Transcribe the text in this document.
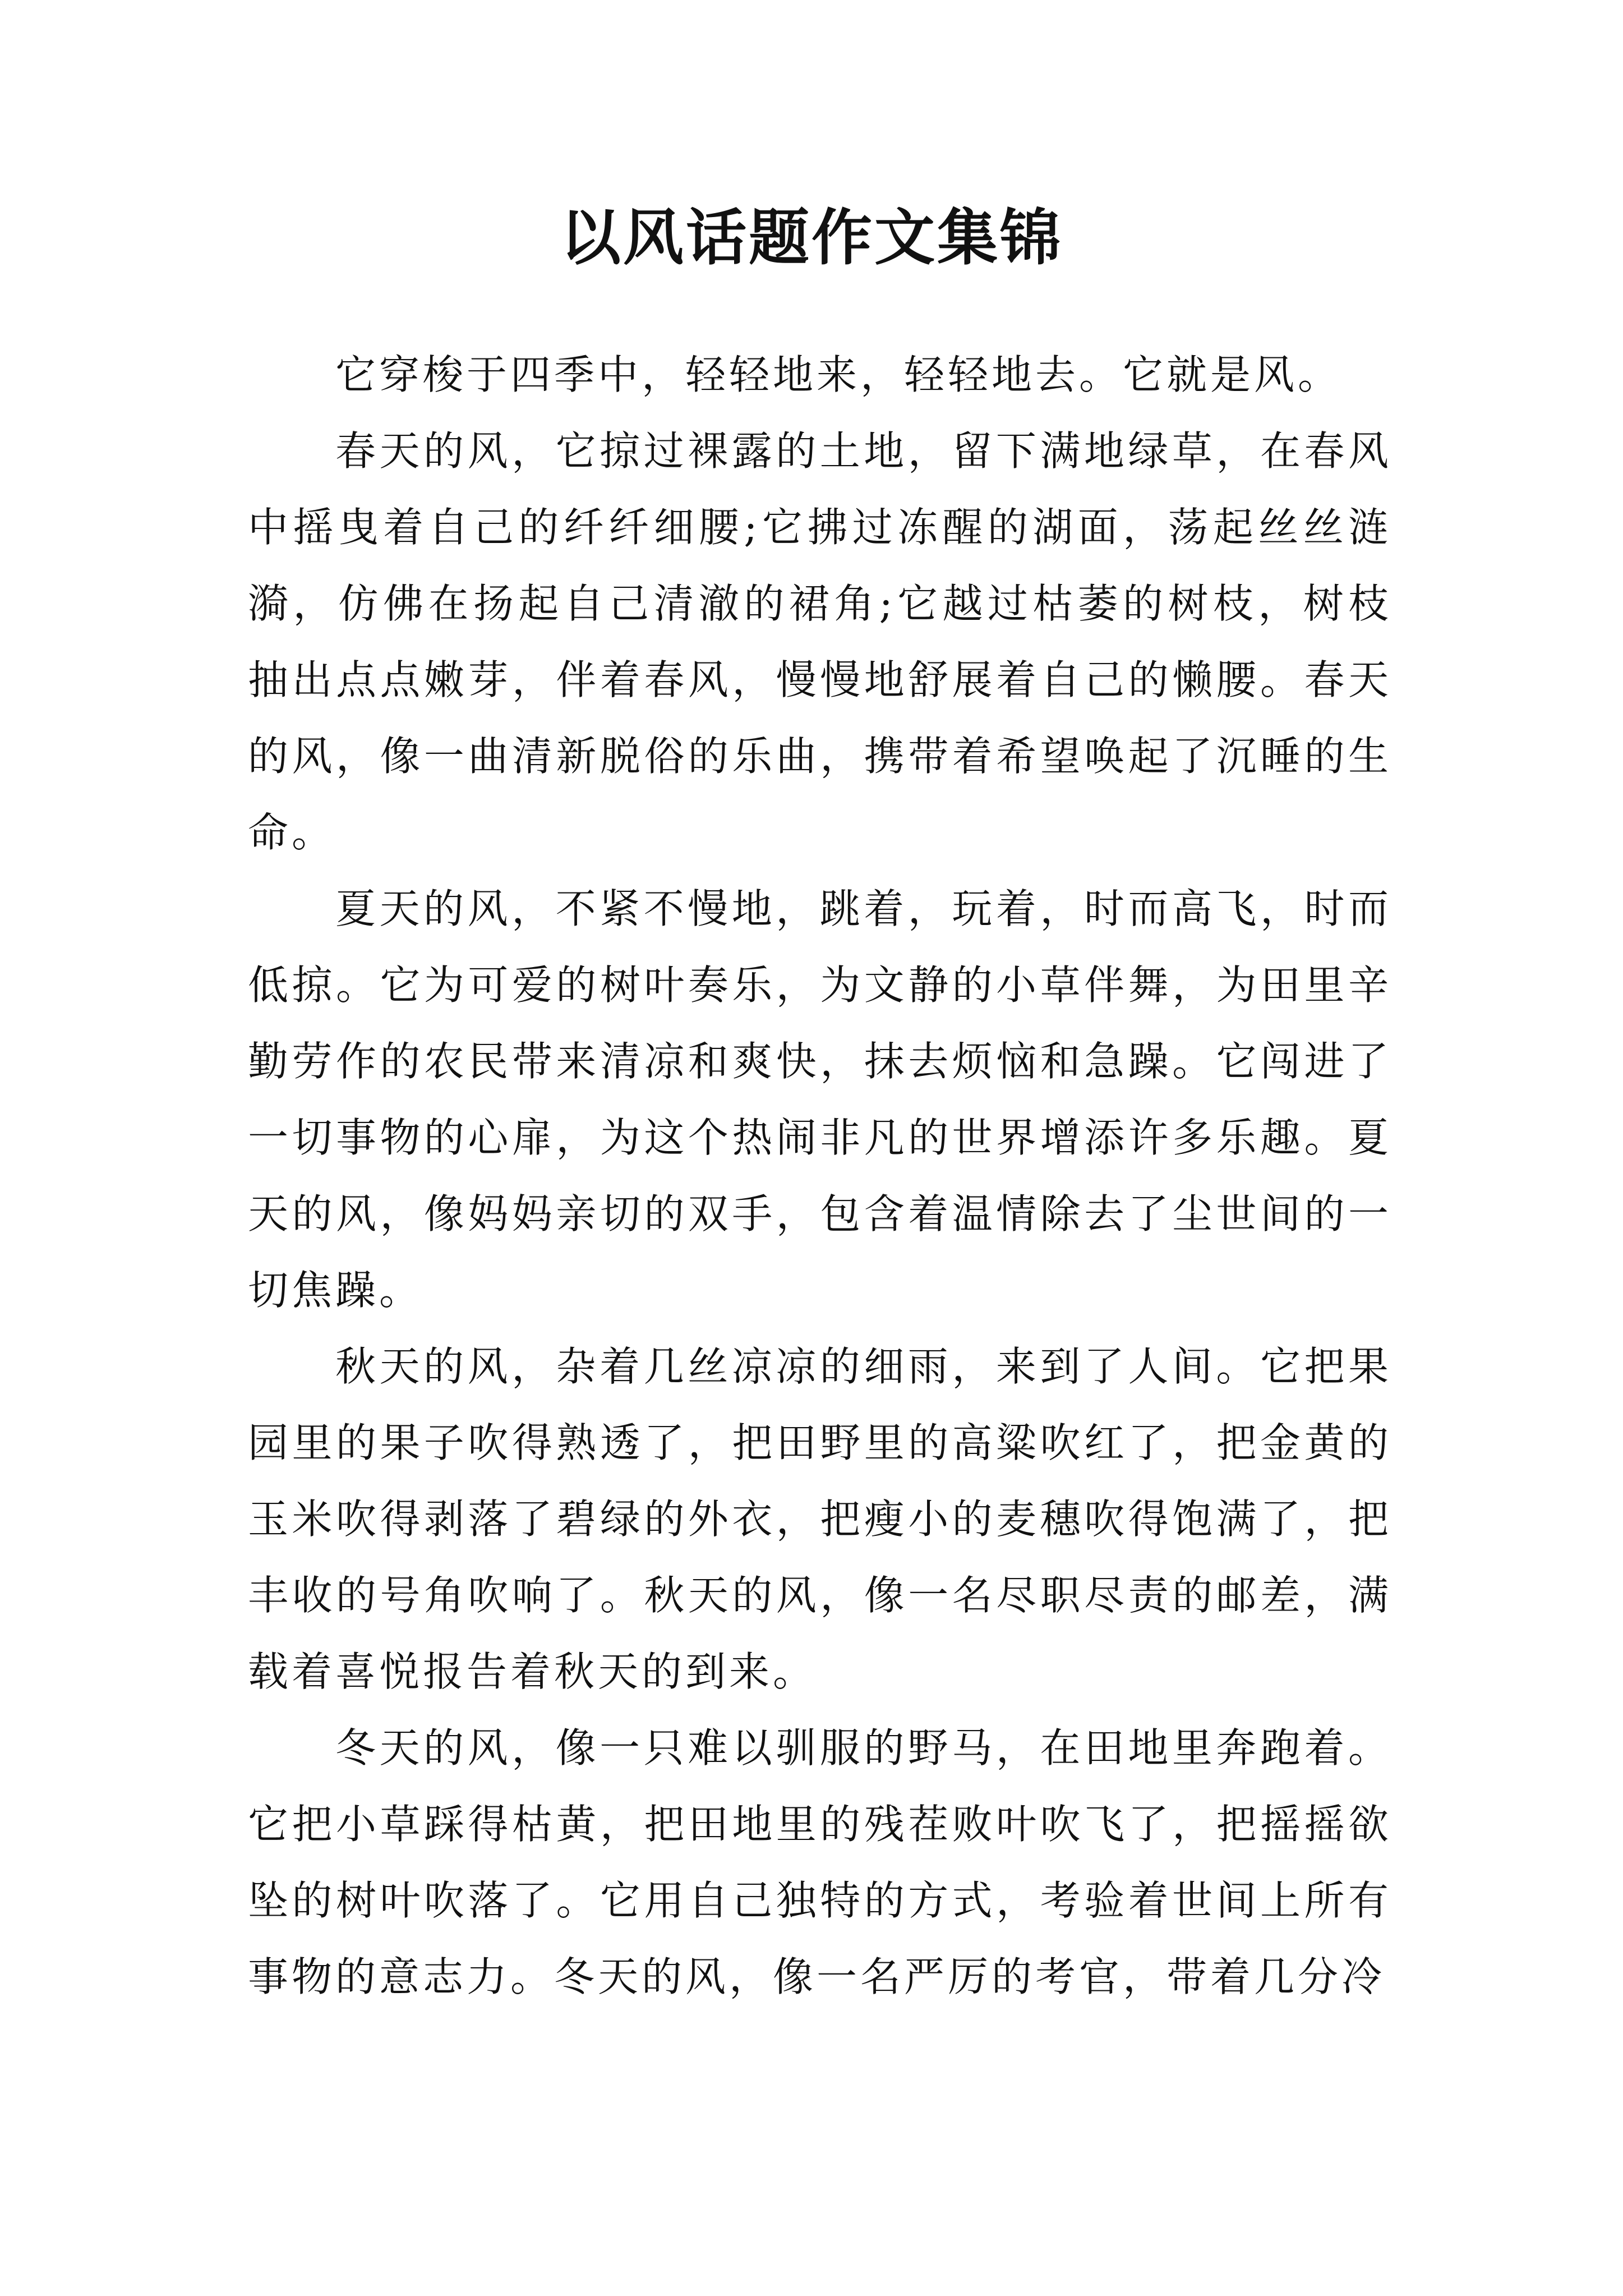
以风话题作文集锦

它穿梭于四季中，轻轻地来，轻轻地去。它就是风。

春天的风，它掠过裸露的土地，留下满地绿草，在春风中摇曳着自己的纤纤细腰;它拂过冻醒的湖面，荡起丝丝涟漪，仿佛在扬起自己清澈的裙角;它越过枯萎的树枝，树枝抽出点点嫩芽，伴着春风，慢慢地舒展着自己的懒腰。春天的风，像一曲清新脱俗的乐曲，携带着希望唤起了沉睡的生命。

夏天的风，不紧不慢地，跳着，玩着，时而高飞，时而低掠。它为可爱的树叶奏乐，为文静的小草伴舞，为田里辛勤劳作的农民带来清凉和爽快，抹去烦恼和急躁。它闯进了一切事物的心扉，为这个热闹非凡的世界增添许多乐趣。夏天的风，像妈妈亲切的双手，包含着温情除去了尘世间的一切焦躁。

秋天的风，杂着几丝凉凉的细雨，来到了人间。它把果园里的果子吹得熟透了，把田野里的高粱吹红了，把金黄的玉米吹得剥落了碧绿的外衣，把瘦小的麦穗吹得饱满了，把丰收的号角吹响了。秋天的风，像一名尽职尽责的邮差，满载着喜悦报告着秋天的到来。

冬天的风，像一只难以驯服的野马，在田地里奔跑着。它把小草踩得枯黄，把田地里的残茬败叶吹飞了，把摇摇欲坠的树叶吹落了。它用自己独特的方式，考验着世间上所有事物的意志力。冬天的风，像一名严厉的考官，带着几分冷
